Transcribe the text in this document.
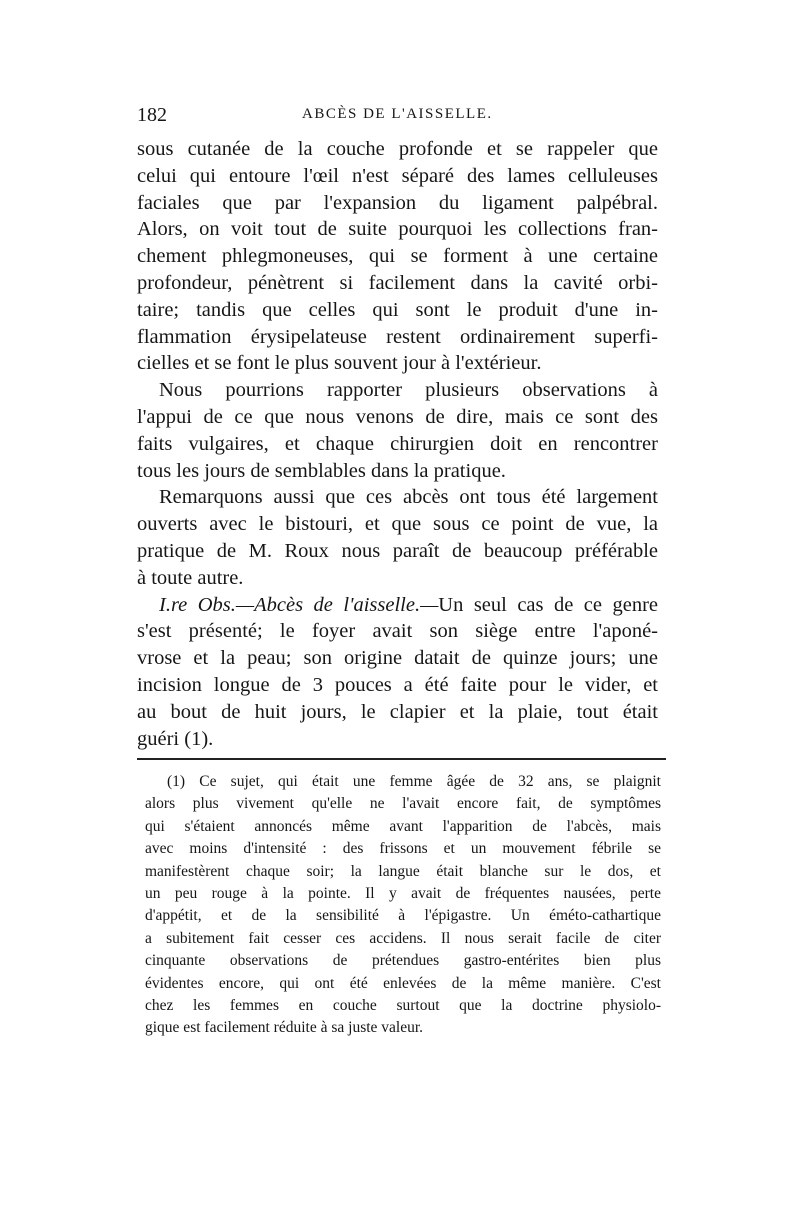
182	ABCÈS DE L'AISSELLE.

sous cutanée de la couche profonde et se rappeler que
celui qui entoure l'œil n'est séparé des lames celluleuses
faciales que par l'expansion du ligament palpébral.
Alors, on voit tout de suite pourquoi les collections fran-
chement phlegmoneuses, qui se forment à une certaine
profondeur, pénètrent si facilement dans la cavité orbi-
taire; tandis que celles qui sont le produit d'une in-
flammation érysipelateuse restent ordinairement superfi-
cielles et se font le plus souvent jour à l'extérieur.

Nous pourrions rapporter plusieurs observations à
l'appui de ce que nous venons de dire, mais ce sont des
faits vulgaires, et chaque chirurgien doit en rencontrer
tous les jours de semblables dans la pratique.

Remarquons aussi que ces abcès ont tous été largement
ouverts avec le bistouri, et que sous ce point de vue, la
pratique de M. Roux nous paraît de beaucoup préférable
à toute autre.

I.re Obs.—Abcès de l'aisselle.—Un seul cas de ce genre
s'est présenté; le foyer avait son siège entre l'aponé-
vrose et la peau; son origine datait de quinze jours; une
incision longue de 3 pouces a été faite pour le vider, et
au bout de huit jours, le clapier et la plaie, tout était
guéri (1).

(1) Ce sujet, qui était une femme âgée de 32 ans, se plaignit
alors plus vivement qu'elle ne l'avait encore fait, de symptômes
qui s'étaient annoncés même avant l'apparition de l'abcès, mais
avec moins d'intensité : des frissons et un mouvement fébrile se
manifestèrent chaque soir; la langue était blanche sur le dos, et
un peu rouge à la pointe. Il y avait de fréquentes nausées, perte
d'appétit, et de la sensibilité à l'épigastre. Un éméto-cathartique
a subitement fait cesser ces accidens. Il nous serait facile de citer
cinquante observations de prétendues gastro-entérites bien plus
évidentes encore, qui ont été enlevées de la même manière. C'est
chez les femmes en couche surtout que la doctrine physiolo-
gique est facilement réduite à sa juste valeur.
